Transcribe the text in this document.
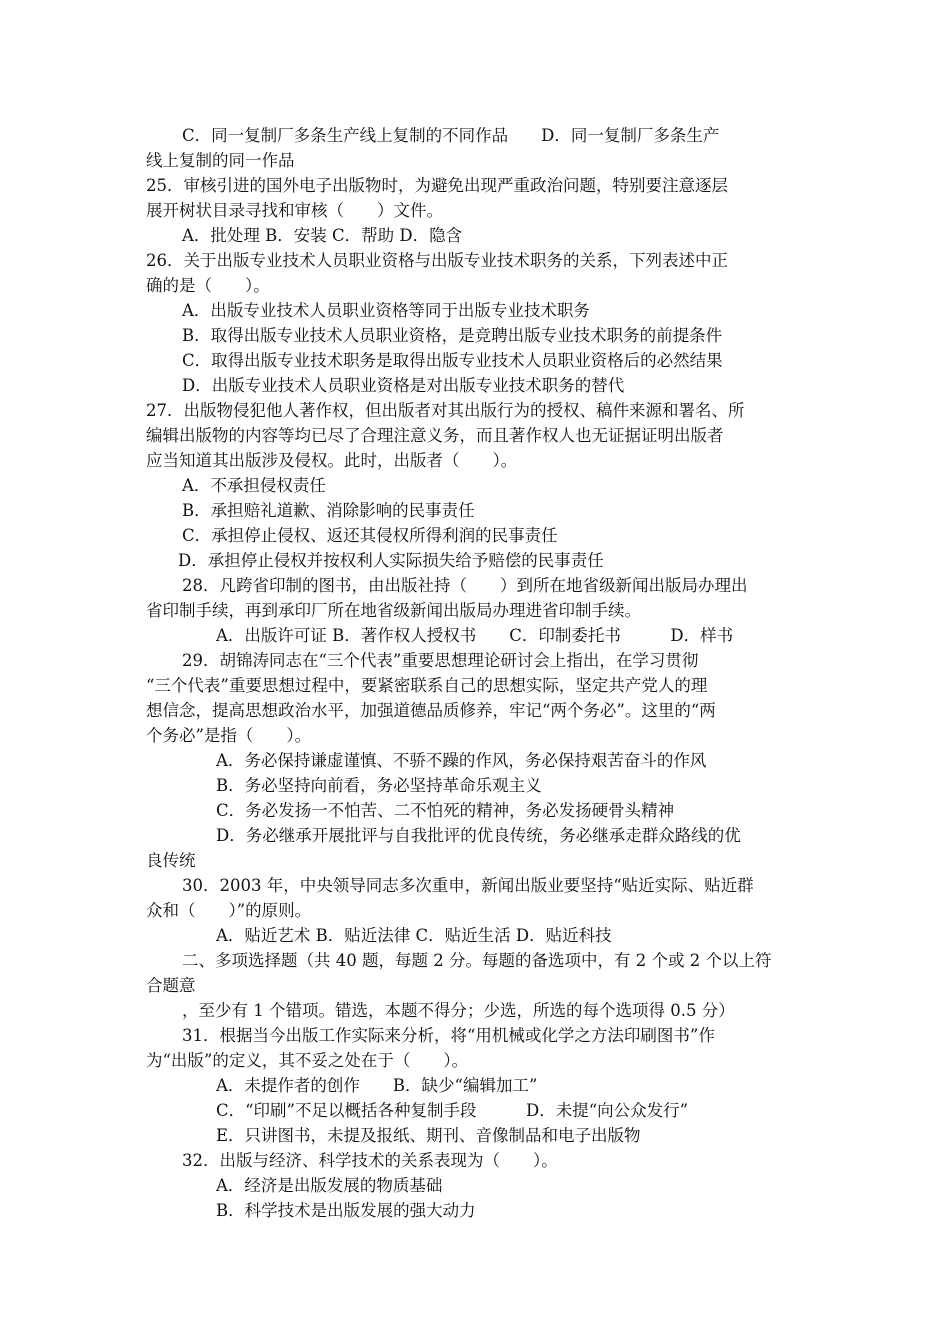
C．同一复制厂多条生产线上复制的不同作品　　D．同一复制厂多条生产
线上复制的同一作品
25．审核引进的国外电子出版物时，为避免出现严重政治问题，特别要注意逐层
展开树状目录寻找和审核（　　）文件。
A．批处理 B．安装 C．帮助 D．隐含
26．关于出版专业技术人员职业资格与出版专业技术职务的关系，下列表述中正
确的是（　　）。
A．出版专业技术人员职业资格等同于出版专业技术职务
B．取得出版专业技术人员职业资格，是竞聘出版专业技术职务的前提条件
C．取得出版专业技术职务是取得出版专业技术人员职业资格后的必然结果
D．出版专业技术人员职业资格是对出版专业技术职务的替代
27．出版物侵犯他人著作权，但出版者对其出版行为的授权、稿件来源和署名、所
编辑出版物的内容等均已尽了合理注意义务，而且著作权人也无证据证明出版者
应当知道其出版涉及侵权。此时，出版者（　　）。
A．不承担侵权责任
B．承担赔礼道歉、消除影响的民事责任
C．承担停止侵权、返还其侵权所得利润的民事责任
D．承担停止侵权并按权利人实际损失给予赔偿的民事责任
28．凡跨省印制的图书，由出版社持（　　）到所在地省级新闻出版局办理出
省印制手续，再到承印厂所在地省级新闻出版局办理进省印制手续。
A．出版许可证 B．著作权人授权书　　C．印制委托书　　　D．样书
29．胡锦涛同志在“三个代表”重要思想理论研讨会上指出，在学习贯彻
“三个代表”重要思想过程中，要紧密联系自己的思想实际，坚定共产党人的理
想信念，提高思想政治水平，加强道德品质修养，牢记“两个务必”。这里的“两
个务必”是指（　　）。
A．务必保持谦虚谨慎、不骄不躁的作风，务必保持艰苦奋斗的作风
B．务必坚持向前看，务必坚持革命乐观主义
C．务必发扬一不怕苦、二不怕死的精神，务必发扬硬骨头精神
D．务必继承开展批评与自我批评的优良传统，务必继承走群众路线的优
良传统
30．2003 年，中央领导同志多次重申，新闻出版业要坚持“贴近实际、贴近群
众和（　　）”的原则。
A．贴近艺术 B．贴近法律 C．贴近生活 D．贴近科技
二、多项选择题（共 40 题，每题 2 分。每题的备选项中，有 2 个或 2 个以上符
合题意
，至少有 1 个错项。错选，本题不得分；少选，所选的每个选项得 0.5 分）
31．根据当今出版工作实际来分析，将“用机械或化学之方法印刷图书”作
为“出版”的定义，其不妥之处在于（　　）。
A．未提作者的创作　　B．缺少“编辑加工”
C．“印刷”不足以概括各种复制手段　　　D．未提“向公众发行”
E．只讲图书，未提及报纸、期刊、音像制品和电子出版物
32．出版与经济、科学技术的关系表现为（　　）。
A．经济是出版发展的物质基础
B．科学技术是出版发展的强大动力
